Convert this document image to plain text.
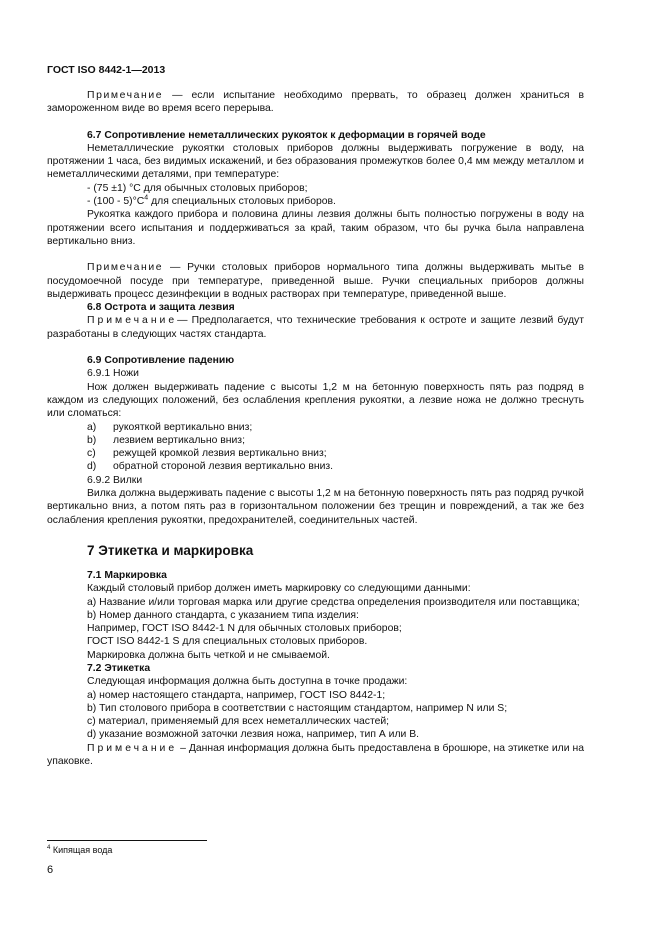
ГОСТ ISO 8442-1—2013

Примечание — если испытание необходимо прервать, то образец должен храниться в замороженном виде во время всего перерыва.

6.7 Сопротивление неметаллических рукояток к деформации в горячей воде

Неметаллические рукоятки столовых приборов должны выдерживать погружение в воду, на протяжении 1 часа, без видимых искажений, и без образования промежутков более 0,4 мм между металлом и неметаллическими деталями, при температуре:

- (75 ±1) °С для обычных столовых приборов;

- $(100 - 5)^\circ С^4$ для специальных столовых приборов.

Рукоятка каждого прибора и половина длины лезвия должны быть полностью погружены в воду на протяжении всего испытания и поддерживаться за край, таким образом, что бы ручка была направлена вертикально вниз.

Примечание — Ручки столовых приборов нормального типа должны выдерживать мытье в посудомоечной посуде при температуре, приведенной выше. Ручки специальных приборов должны выдерживать процесс дезинфекции в водных растворах при температуре, приведенной выше.

6.8 Острота и защита лезвия

Примечание— Предполагается, что технические требования к остроте и защите лезвий будут разработаны в следующих частях стандарта.

6.9 Сопротивление падению

6.9.1 Ножи

Нож должен выдерживать падение с высоты 1,2 м на бетонную поверхность пять раз подряд в каждом из следующих положений, без ослабления крепления рукоятки, а лезвие ножа не должно треснуть или сломаться:

a)	рукояткой вертикально вниз;
b)	лезвием вертикально вниз;
c)	режущей кромкой лезвия вертикально вниз;
d)	обратной стороной лезвия вертикально вниз.

6.9.2 Вилки

Вилка должна выдерживать падение с высоты 1,2 м на бетонную поверхность пять раз подряд ручкой вертикально вниз, а потом пять раз в горизонтальном положении без трещин и повреждений, а так же без ослабления крепления рукоятки, предохранителей, соединительных частей.

7 Этикетка и маркировка

7.1 Маркировка

Каждый столовый прибор должен иметь маркировку со следующими данными:

a) Название и/или торговая марка или другие средства определения производителя или поставщика;

b) Номер данного стандарта, с указанием типа изделия:

Например, ГОСТ ISO 8442-1 N для обычных столовых приборов;

ГОСТ ISO 8442-1 S для специальных столовых приборов.

Маркировка должна быть четкой и не смываемой.

7.2 Этикетка

Следующая информация должна быть доступна в точке продажи:

a) номер настоящего стандарта, например, ГОСТ ISO 8442-1;

b) Тип столового прибора в соответствии с настоящим стандартом, например N или S;

c) материал, применяемый для всех неметаллических частей;

d) указание возможной заточки лезвия ножа, например, тип А или В.

Примечание – Данная информация должна быть предоставлена в брошюре, на этикетке или на упаковке.

$^4$ Кипящая вода

6
